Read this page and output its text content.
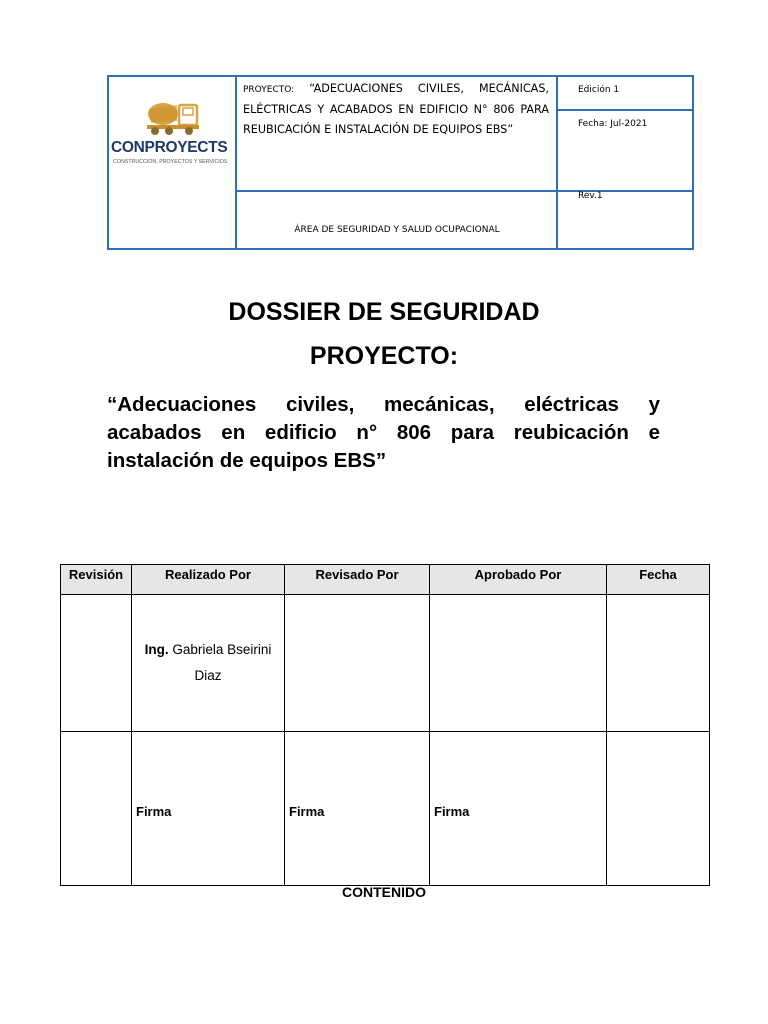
CONPROYECTS
CONSTRUCCIÓN, PROYECTOS Y SERVICIOS
PROYECTO: “ADECUACIONES CIVILES, MECÁNICAS, ELÉCTRICAS Y ACABADOS EN EDIFICIO N° 806 PARA REUBICACIÓN E INSTALACIÓN DE EQUIPOS EBS”
ÁREA DE SEGURIDAD Y SALUD OCUPACIONAL
Edición 1
Fecha: Jul-2021
Rev.1
DOSSIER DE SEGURIDAD
PROYECTO:
“Adecuaciones civiles, mecánicas, eléctricas y acabados en edificio n° 806 para reubicación e instalación de equipos EBS”
Revisión	Realizado Por	Revisado Por	Aprobado Por	Fecha
	Ing. Gabriela Bseirini Diaz			
	Firma	Firma	Firma	
CONTENIDO
